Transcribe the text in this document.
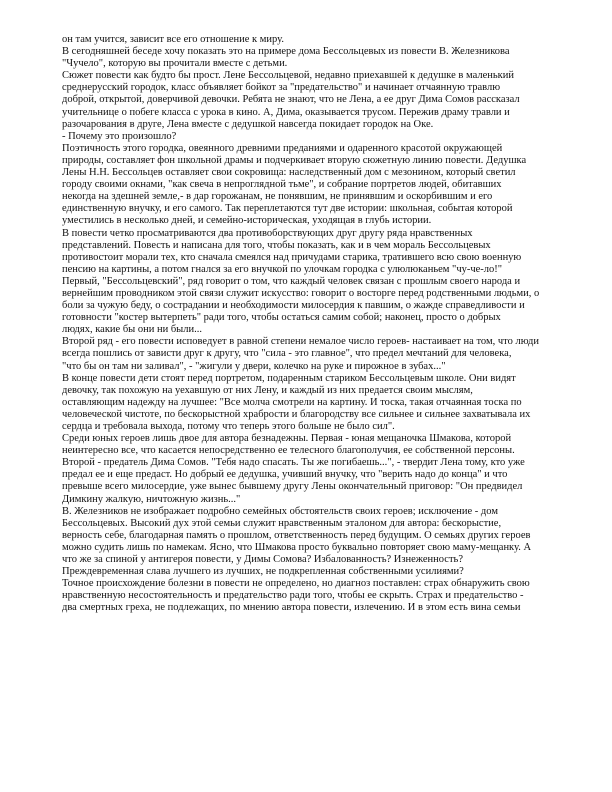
он там учится, зависит все его отношение к миру.
В сегодняшней беседе хочу показать это на примере дома Бессольцевых из повести В. Железникова
"Чучело", которую вы прочитали вместе с детьми.
Сюжет повести как будто бы прост. Лене Бессольцевой, недавно приехавшей к дедушке в маленький
среднерусский городок, класс объявляет бойкот за "предательство" и начинает отчаянную травлю
доброй, открытой, доверчивой девочки. Ребята не знают, что не Лена, а ее друг Дима Сомов рассказал
учительнице о побеге класса с урока в кино. А, Дима, оказывается трусом. Пережив драму травли и
разочарования в друге, Лена вместе с дедушкой навсегда покидает городок на Оке.
- Почему это произошло?
Поэтичность этого городка, овеянного древними преданиями и одаренного красотой окружающей
природы, составляет фон школьной драмы и подчеркивает вторую сюжетную линию повести. Дедушка
Лены Н.Н. Бессольцев оставляет свои сокровища: наследственный дом с мезонином, который светил
городу своими окнами, "как свеча в непроглядной тьме", и собрание портретов людей, обитавших
некогда на здешней земле,- в дар горожанам, не понявшим, не принявшим и оскорбившим и его
единственную внучку, и его самого. Так переплетаются тут две истории: школьная, событая которой
уместились в несколько дней, и семейно-историческая, уходящая в глубь истории.
В повести четко просматриваются два противоборствующих друг другу ряда нравственных
представлений. Повесть и написана для того, чтобы показать, как и в чем мораль Бессольцевых
противостоит морали тех, кто сначала смеялся над причудами старика, тратившего всю свою военную
пенсию на картины, а потом гнался за его внучкой по улочкам городка с улюлюканьем "чу-че-ло!"
Первый, "Бессольцевский", ряд говорит о том, что каждый человек связан с прошлым своего народа и
вернейшим проводником этой связи служит искусство: говорит о восторге перед родственными людьми, о
боли за чужую беду, о сострадании и необходимости милосердия к павшим, о жажде справедливости и
готовности "костер вытерпеть" ради того, чтобы остаться самим собой; наконец, просто о добрых
людях, какие бы они ни были...
Второй ряд - его повести исповедует в равной степени немалое число героев- настаивает на том, что люди
всегда пошлись от зависти друг к другу, что "сила - это главное", что предел мечтаний для человека,
"что бы он там ни заливал", - "жигули у двери, колечко на руке и пирожное в зубах..."
В конце повести дети стоят перед портретом, подаренным стариком Бессольцевым школе. Они видят
девочку, так похожую на уехавшую от них Лену, и каждый из них предается своим мыслям,
оставляющим надежду на лучшее: "Все молча смотрели на картину. И тоска, такая отчаянная тоска по
человеческой чистоте, по бескорыстной храбрости и благородству все сильнее и сильнее захватывала их
сердца и требовала выхода, потому что теперь этого больше не было сил".
Среди юных героев лишь двое для автора безнадежны. Первая - юная мещаночка Шмакова, которой
неинтересно все, что касается непосредственно ее телесного благополучия, ее собственной персоны.
Второй - предатель Дима Сомов. "Тебя надо спасать. Ты же погибаешь...", - твердит Лена тому, кто уже
предал ее и еще предаст. Но добрый ее дедушка, учивший внучку, что "верить надо до конца" и что
превыше всего милосердие, уже вынес бывшему другу Лены окончательный приговор: "Он предвидел
Димкину жалкую, ничтожную жизнь..."
В. Железников не изображает подробно семейных обстоятельств своих героев; исключение - дом
Бессольцевых. Высокий дух этой семьи служит нравственным эталоном для автора: бескорыстие,
верность себе, благодарная память о прошлом, ответственность перед будущим. О семьях других героев
можно судить лишь по намекам. Ясно, что Шмакова просто буквально повторяет свою маму-мещанку. А
что же за спиной у антигероя повести, у Димы Сомова? Избалованность? Изнеженность?
Преждевременная слава лучшего из лучших, не подкрепленная собственными усилиями?
Точное происхождение болезни в повести не определено, но диагноз поставлен: страх обнаружить свою
нравственную несостоятельность и предательство ради того, чтобы ее скрыть. Страх и предательство -
два смертных греха, не подлежащих, по мнению автора повести, излечению. И в этом есть вина семьи
